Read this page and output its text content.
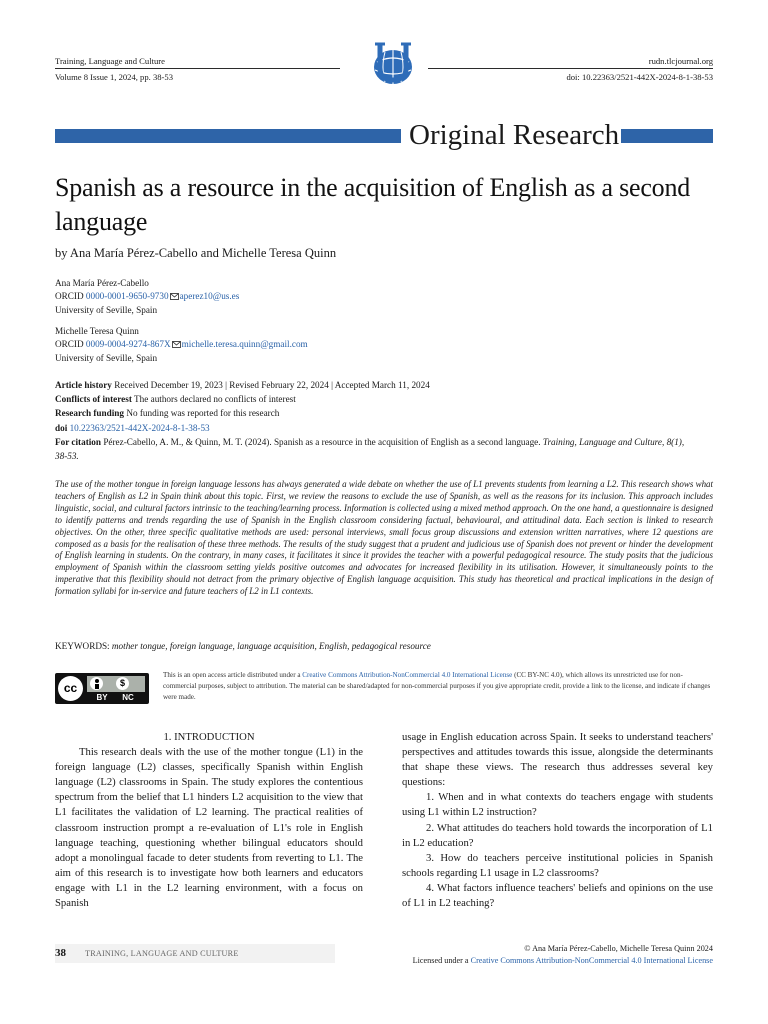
Training, Language and Culture
Volume 8 Issue 1, 2024, pp. 38-53
rudn.tlcjournal.org
doi: 10.22363/2521-442X-2024-8-1-38-53
Original Research
Spanish as a resource in the acquisition of English as a second language
by Ana María Pérez-Cabello and Michelle Teresa Quinn
Ana María Pérez-Cabello
ORCID 0000-0001-9650-9730 aperez10@us.es
University of Seville, Spain
Michelle Teresa Quinn
ORCID 0009-0004-9274-867X michelle.teresa.quinn@gmail.com
University of Seville, Spain
Article history Received December 19, 2023 | Revised February 22, 2024 | Accepted March 11, 2024
Conflicts of interest The authors declared no conflicts of interest
Research funding No funding was reported for this research
doi 10.22363/2521-442X-2024-8-1-38-53
For citation Pérez-Cabello, A. M., & Quinn, M. T. (2024). Spanish as a resource in the acquisition of English as a second language. Training, Language and Culture, 8(1), 38-53.
The use of the mother tongue in foreign language lessons has always generated a wide debate on whether the use of L1 prevents students from learning a L2. This research shows what teachers of English as L2 in Spain think about this topic. First, we review the reasons to exclude the use of Spanish, as well as the reasons for its inclusion. This approach includes linguistic, social, and cultural factors intrinsic to the teaching/learning process. Information is collected using a mixed method approach. On the one hand, a questionnaire is designed to identify patterns and trends regarding the use of Spanish in the English classroom considering factual, behavioural, and attitudinal data. Each section is linked to research objectives. On the other, three specific qualitative methods are used: personal interviews, small focus group discussions and extension written narratives, where 12 questions are composed as a basis for the realisation of these three methods. The results of the study suggest that a prudent and judicious use of Spanish does not prevent or hinder the development of English learning in students. On the contrary, in many cases, it facilitates it since it provides the teacher with a powerful pedagogical resource. The study posits that the judicious employment of Spanish within the classroom setting yields positive outcomes and advocates for increased flexibility in its utilisation. However, it simultaneously points to the imperative that this flexibility should not detract from the primary objective of English language acquisition. This study has theoretical and practical implications in the design of formation syllabi for in-service and future teachers of L2 in L1 contexts.
KEYWORDS: mother tongue, foreign language, language acquisition, English, pedagogical resource
cc	$
BY	NC
This is an open access article distributed under a Creative Commons Attribution-NonCommercial 4.0 International License (CC BY-NC 4.0), which allows its unrestricted use for non-commercial purposes, subject to attribution. The material can be shared/adapted for non-commercial purposes if you give appropriate credit, provide a link to the license, and indicate if changes were made.
1. INTRODUCTION

This research deals with the use of the mother tongue (L1) in the foreign language (L2) classes, specifically Spanish within English language (L2) classrooms in Spain. The study explores the contentious spectrum from the belief that L1 hinders L2 acquisition to the view that L1 facilitates the validation of L2 learning. The practical realities of classroom instruction prompt a re-evaluation of L1's role in English language teaching, questioning whether bilingual educators should adopt a monolingual facade to deter students from reverting to L1. The aim of this research is to investigate how both learners and educators engage with L1 in the L2 learning environment, with a focus on Spanish

usage in English education across Spain. It seeks to understand teachers' perspectives and attitudes towards this issue, alongside the determinants that shape these views. The research thus addresses several key questions:
1. When and in what contexts do teachers engage with students using L1 within L2 instruction?
2. What attitudes do teachers hold towards the incorporation of L1 in L2 education?
3. How do teachers perceive institutional policies in Spanish schools regarding L1 usage in L2 classrooms?
4. What factors influence teachers' beliefs and opinions on the use of L1 in L2 teaching?
38 TRAINING, LANGUAGE AND CULTURE
© Ana María Pérez-Cabello, Michelle Teresa Quinn 2024
Licensed under a Creative Commons Attribution-NonCommercial 4.0 International License
